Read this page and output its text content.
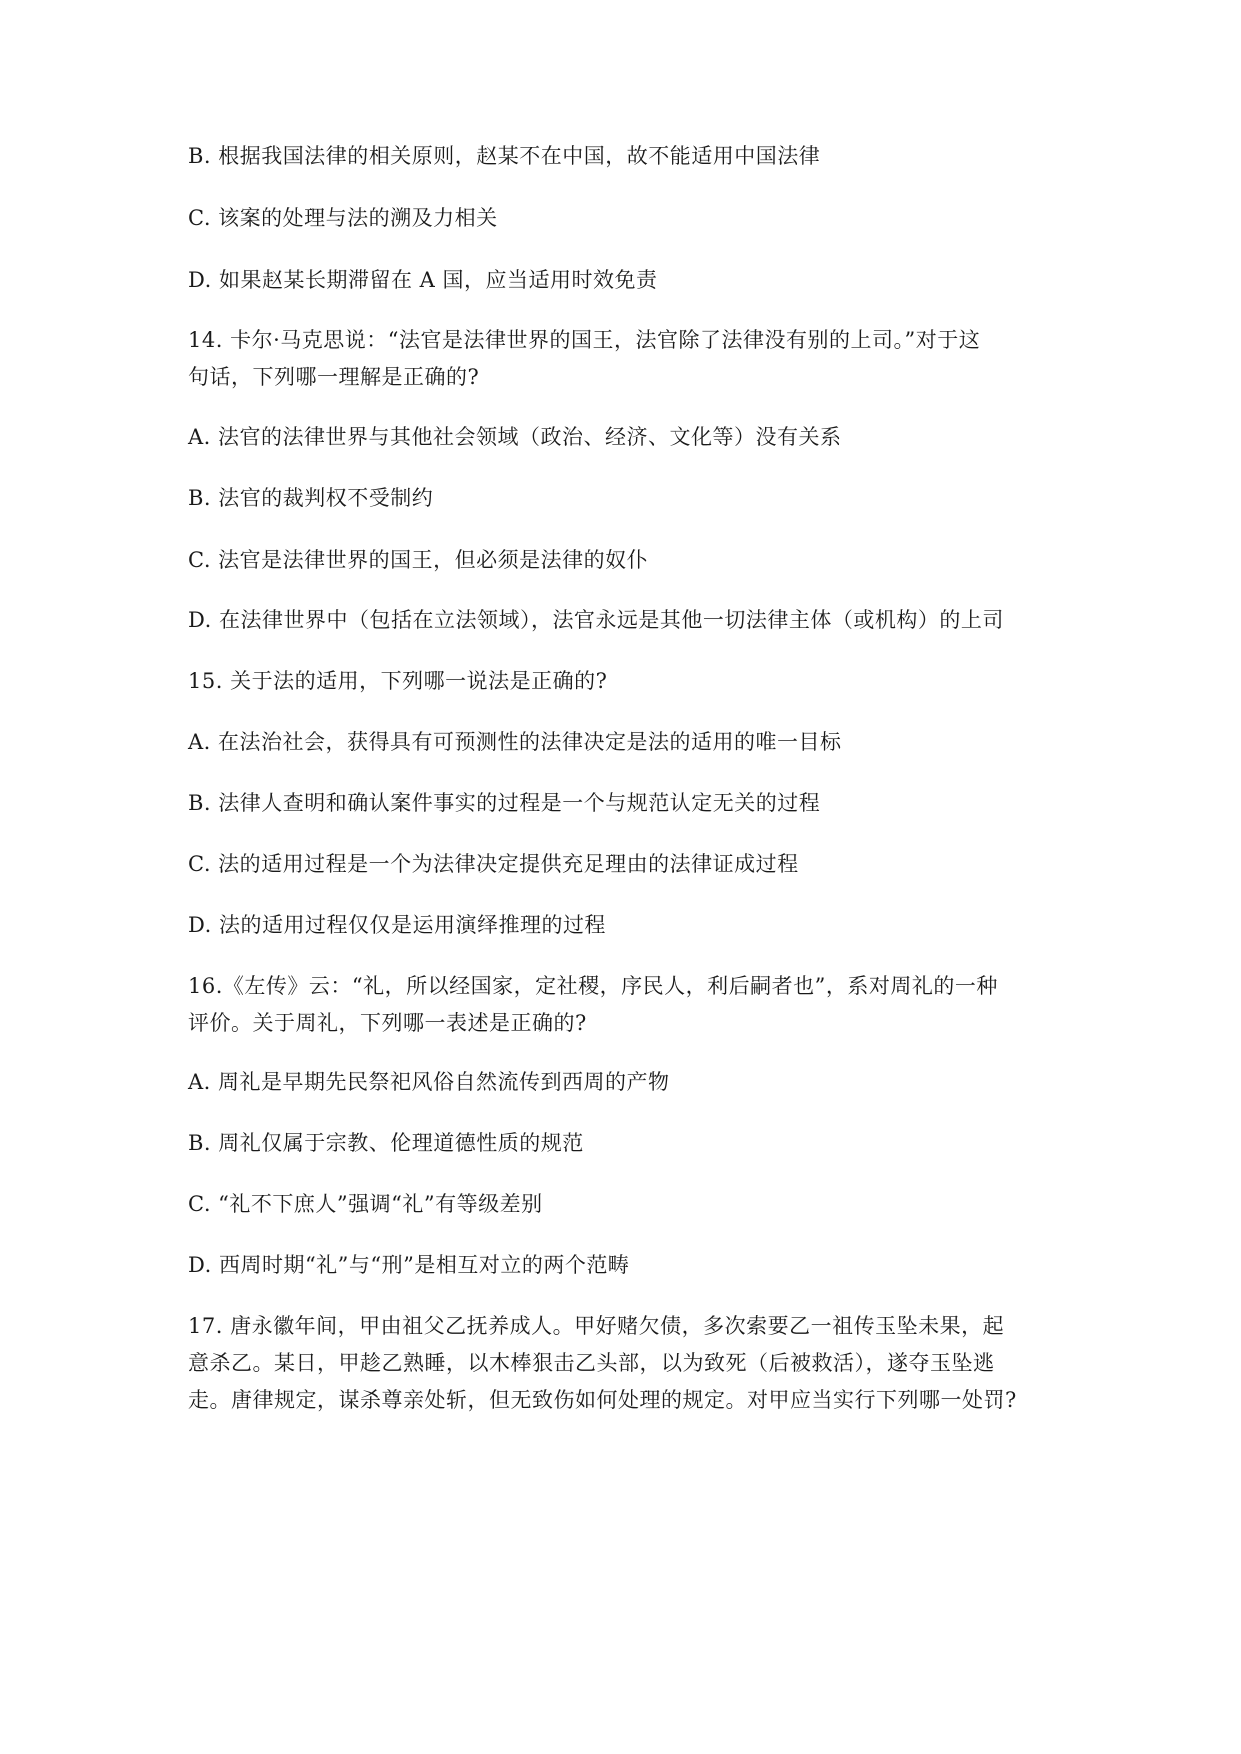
B. 根据我国法律的相关原则，赵某不在中国，故不能适用中国法律
C. 该案的处理与法的溯及力相关
D. 如果赵某长期滞留在 A 国，应当适用时效免责
14. 卡尔·马克思说：“法官是法律世界的国王，法官除了法律没有别的上司。”对于这
句话，下列哪一理解是正确的?
A. 法官的法律世界与其他社会领域（政治、经济、文化等）没有关系
B. 法官的裁判权不受制约
C. 法官是法律世界的国王，但必须是法律的奴仆
D. 在法律世界中（包括在立法领域），法官永远是其他一切法律主体（或机构）的上司
15. 关于法的适用，下列哪一说法是正确的?
A. 在法治社会，获得具有可预测性的法律决定是法的适用的唯一目标
B. 法律人查明和确认案件事实的过程是一个与规范认定无关的过程
C. 法的适用过程是一个为法律决定提供充足理由的法律证成过程
D. 法的适用过程仅仅是运用演绎推理的过程
16.《左传》云：“礼，所以经国家，定社稷，序民人，利后嗣者也”，系对周礼的一种
评价。关于周礼，下列哪一表述是正确的?
A. 周礼是早期先民祭祀风俗自然流传到西周的产物
B. 周礼仅属于宗教、伦理道德性质的规范
C. “礼不下庶人”强调“礼”有等级差别
D. 西周时期“礼”与“刑”是相互对立的两个范畴
17. 唐永徽年间，甲由祖父乙抚养成人。甲好赌欠债，多次索要乙一祖传玉坠未果，起
意杀乙。某日，甲趁乙熟睡，以木棒狠击乙头部，以为致死（后被救活），遂夺玉坠逃
走。唐律规定，谋杀尊亲处斩，但无致伤如何处理的规定。对甲应当实行下列哪一处罚?
